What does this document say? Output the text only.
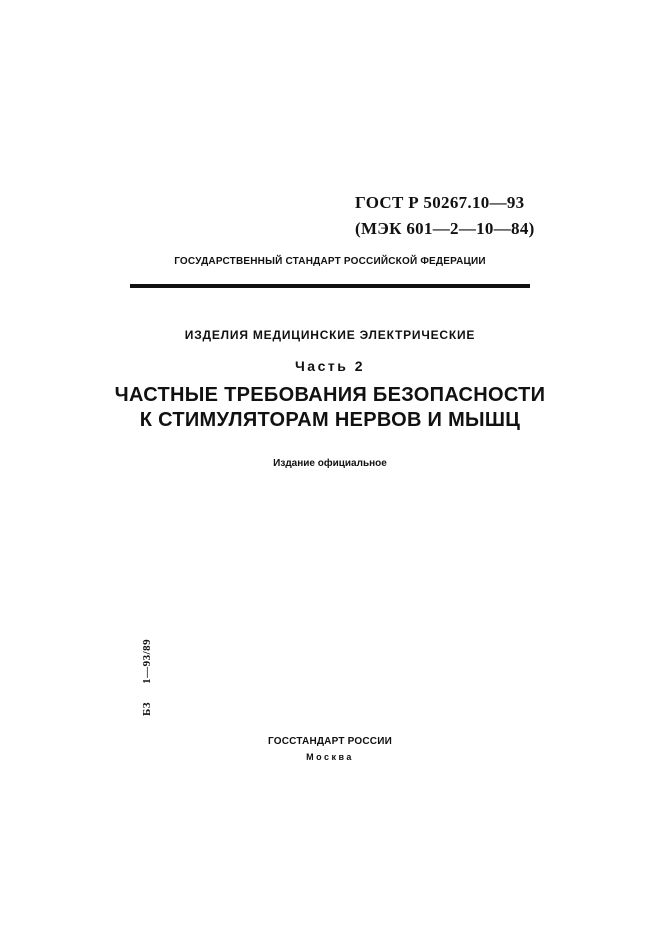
ГОСТ Р 50267.10—93
(МЭК 601—2—10—84)
ГОСУДАРСТВЕННЫЙ СТАНДАРТ РОССИЙСКОЙ ФЕДЕРАЦИИ
ИЗДЕЛИЯ МЕДИЦИНСКИЕ ЭЛЕКТРИЧЕСКИЕ
Часть 2
ЧАСТНЫЕ ТРЕБОВАНИЯ БЕЗОПАСНОСТИ
К СТИМУЛЯТОРАМ НЕРВОВ И МЫШЦ
Издание официальное
БЗ1—93/89
ГОССТАНДАРТ РОССИИ
Москва
